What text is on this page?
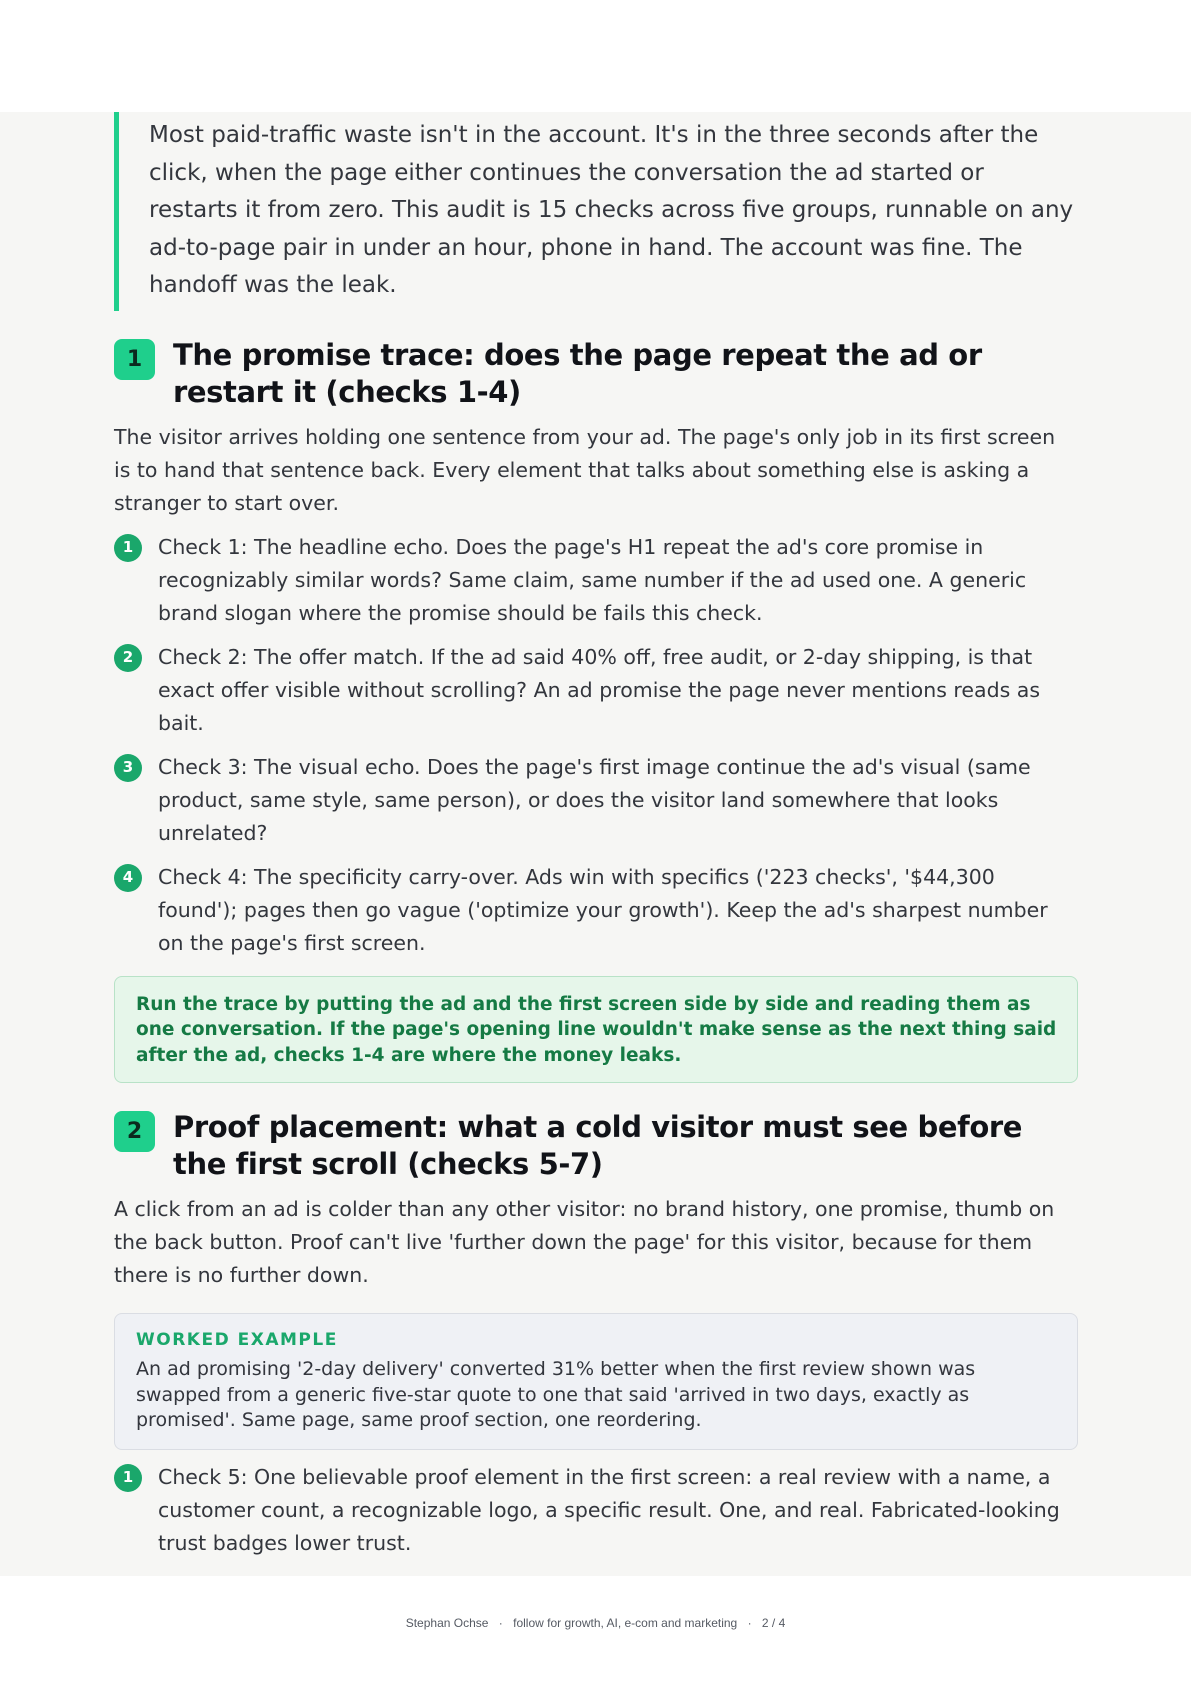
Most paid-traffic waste isn't in the account. It's in the three seconds after the click, when the page either continues the conversation the ad started or restarts it from zero. This audit is 15 checks across five groups, runnable on any ad-to-page pair in under an hour, phone in hand. The account was fine. The handoff was the leak.
1	The promise trace: does the page repeat the ad or restart it (checks 1-4)

The visitor arrives holding one sentence from your ad. The page's only job in its first screen is to hand that sentence back. Every element that talks about something else is asking a stranger to start over.

1	Check 1: The headline echo. Does the page's H1 repeat the ad's core promise in recognizably similar words? Same claim, same number if the ad used one. A generic brand slogan where the promise should be fails this check.
2	Check 2: The offer match. If the ad said 40% off, free audit, or 2-day shipping, is that exact offer visible without scrolling? An ad promise the page never mentions reads as bait.
3	Check 3: The visual echo. Does the page's first image continue the ad's visual (same product, same style, same person), or does the visitor land somewhere that looks unrelated?
4	Check 4: The specificity carry-over. Ads win with specifics ('223 checks', '$44,300 found'); pages then go vague ('optimize your growth'). Keep the ad's sharpest number on the page's first screen.
Run the trace by putting the ad and the first screen side by side and reading them as one conversation. If the page's opening line wouldn't make sense as the next thing said after the ad, checks 1-4 are where the money leaks.
2	Proof placement: what a cold visitor must see before the first scroll (checks 5-7)

A click from an ad is colder than any other visitor: no brand history, one promise, thumb on the back button. Proof can't live 'further down the page' for this visitor, because for them there is no further down.

WORKED EXAMPLE
An ad promising '2-day delivery' converted 31% better when the first review shown was swapped from a generic five-star quote to one that said 'arrived in two days, exactly as promised'. Same page, same proof section, one reordering.
1	Check 5: One believable proof element in the first screen: a real review with a name, a customer count, a recognizable logo, a specific result. One, and real. Fabricated-looking trust badges lower trust.
Stephan Ochse · follow for growth, AI, e-com and marketing · 2 / 4
